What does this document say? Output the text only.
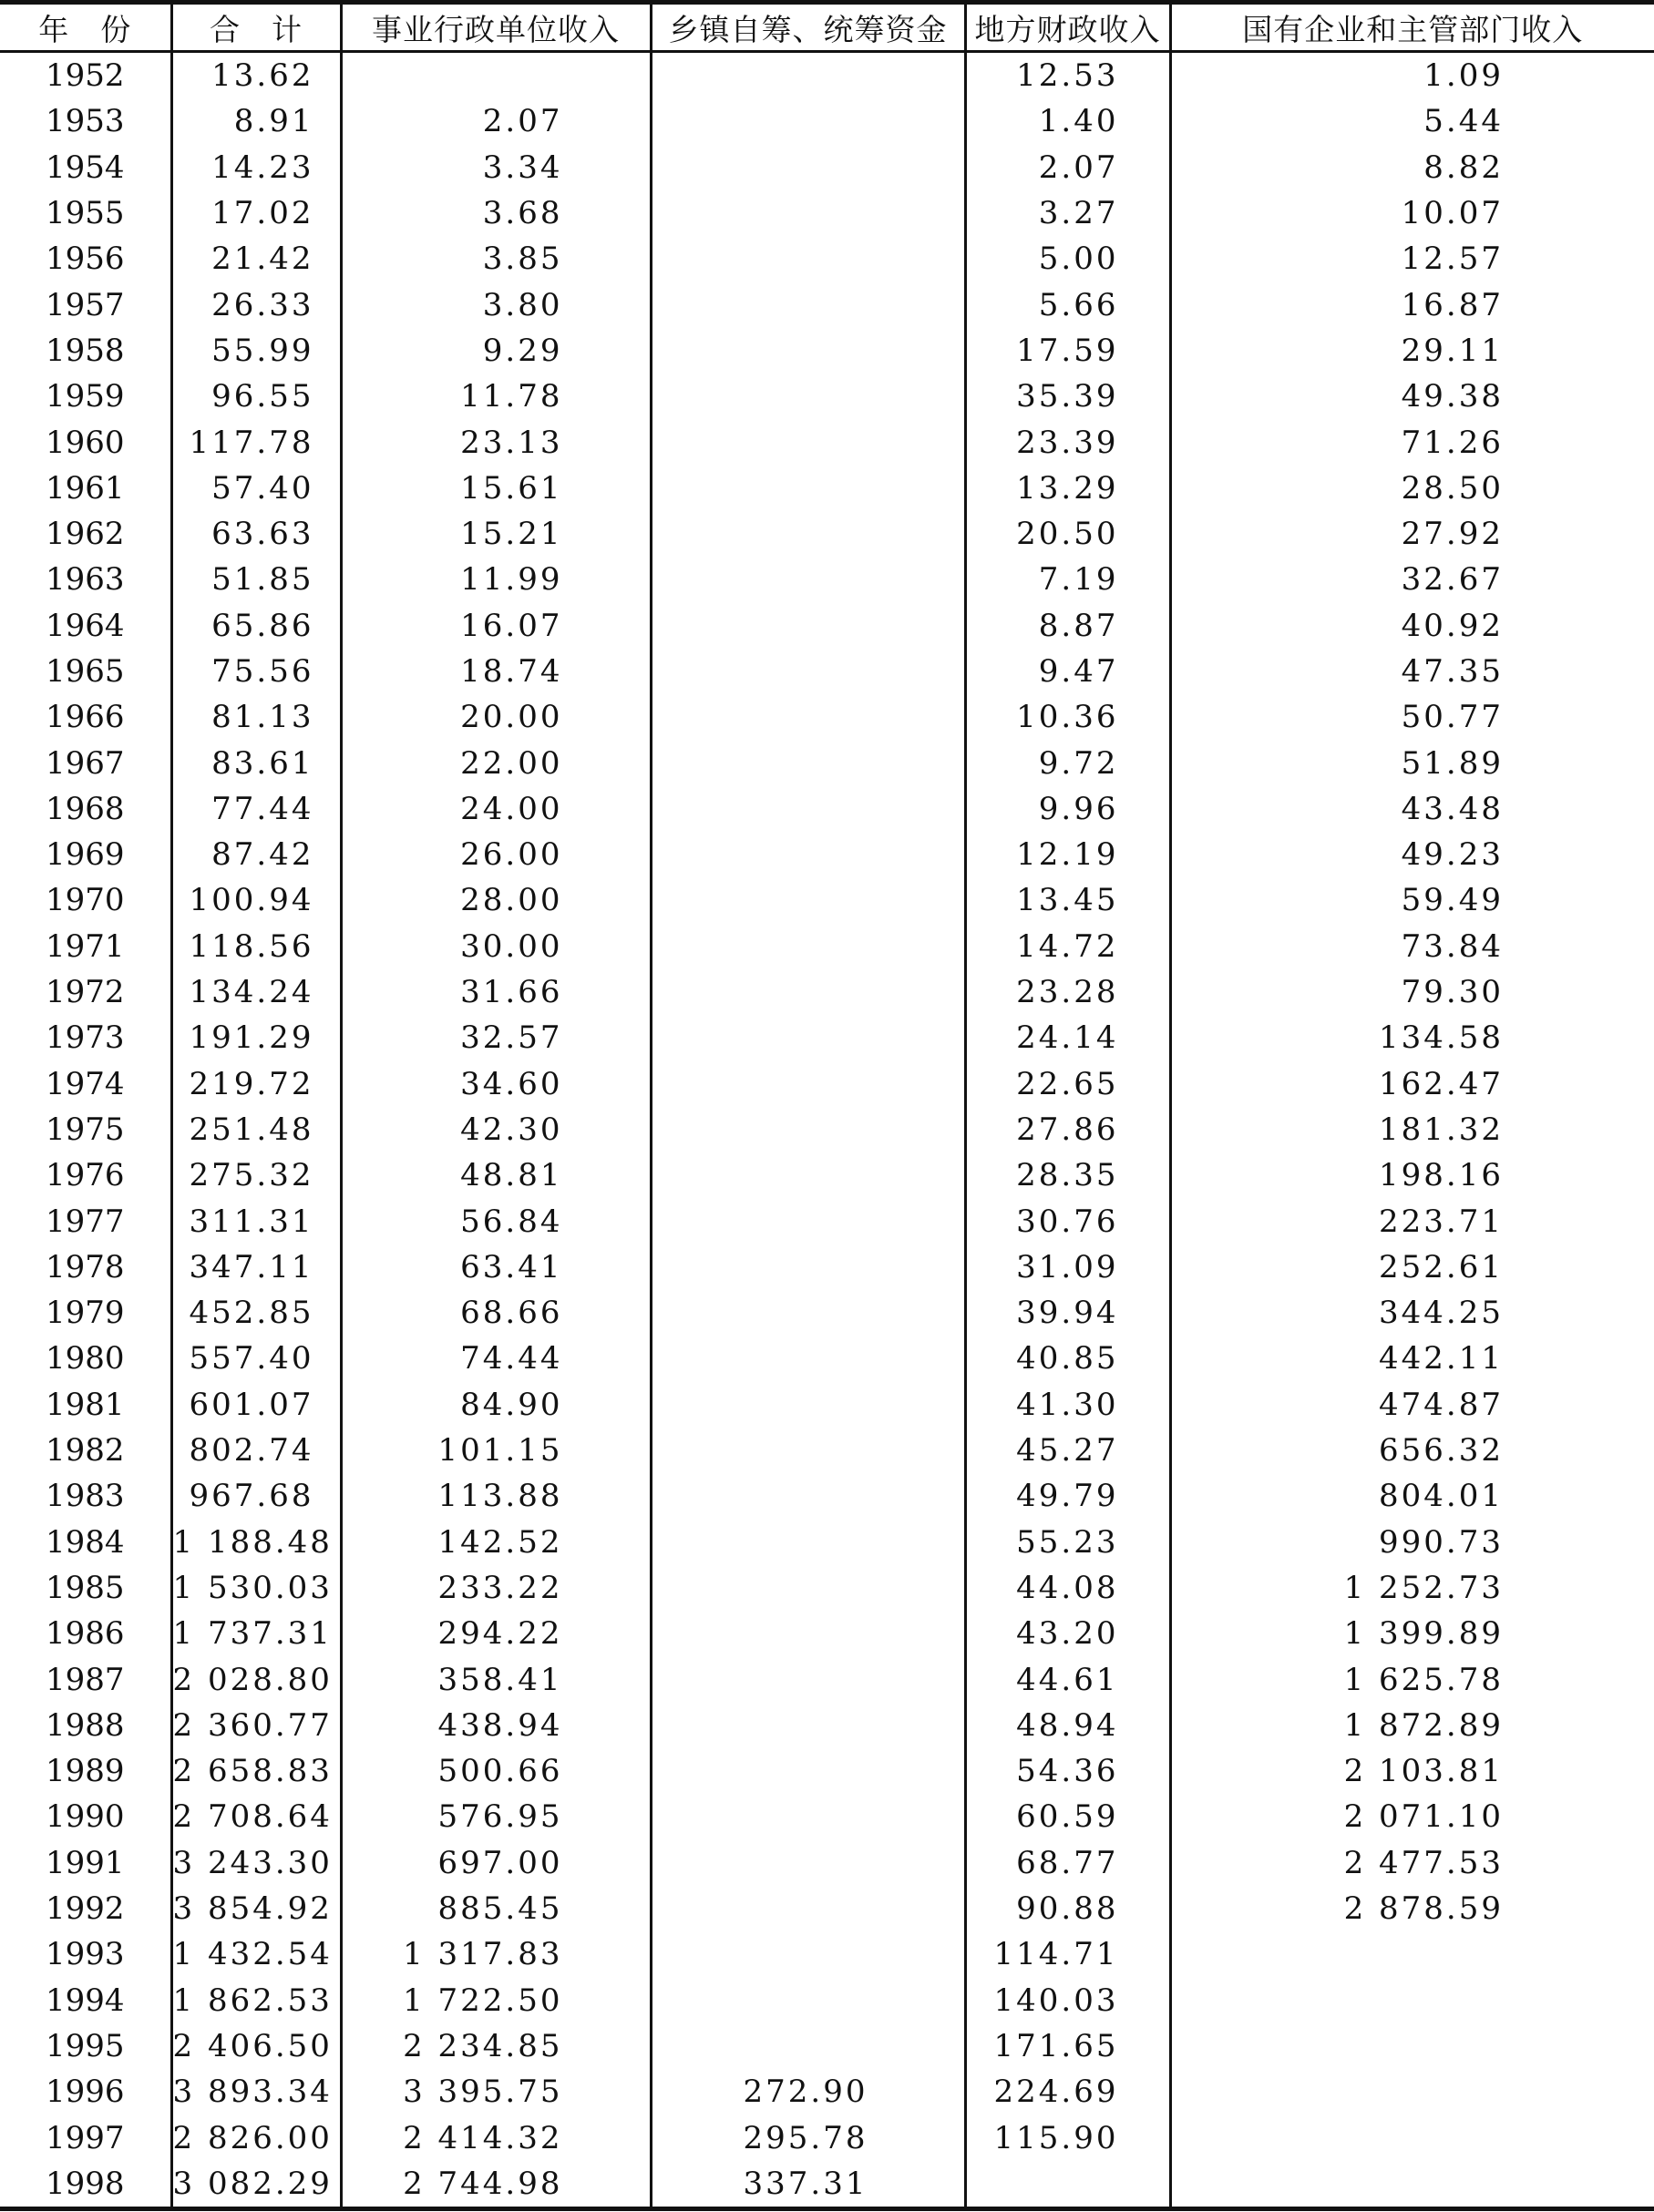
年　份	合　计	事业行政单位收入	乡镇自筹、统筹资金	地方财政收入	国有企业和主管部门收入
1952	13.62			12.53	1.09
1953	8.91	2.07		1.40	5.44
1954	14.23	3.34		2.07	8.82
1955	17.02	3.68		3.27	10.07
1956	21.42	3.85		5.00	12.57
1957	26.33	3.80		5.66	16.87
1958	55.99	9.29		17.59	29.11
1959	96.55	11.78		35.39	49.38
1960	117.78	23.13		23.39	71.26
1961	57.40	15.61		13.29	28.50
1962	63.63	15.21		20.50	27.92
1963	51.85	11.99		7.19	32.67
1964	65.86	16.07		8.87	40.92
1965	75.56	18.74		9.47	47.35
1966	81.13	20.00		10.36	50.77
1967	83.61	22.00		9.72	51.89
1968	77.44	24.00		9.96	43.48
1969	87.42	26.00		12.19	49.23
1970	100.94	28.00		13.45	59.49
1971	118.56	30.00		14.72	73.84
1972	134.24	31.66		23.28	79.30
1973	191.29	32.57		24.14	134.58
1974	219.72	34.60		22.65	162.47
1975	251.48	42.30		27.86	181.32
1976	275.32	48.81		28.35	198.16
1977	311.31	56.84		30.76	223.71
1978	347.11	63.41		31.09	252.61
1979	452.85	68.66		39.94	344.25
1980	557.40	74.44		40.85	442.11
1981	601.07	84.90		41.30	474.87
1982	802.74	101.15		45.27	656.32
1983	967.68	113.88		49.79	804.01
1984	1 188.48	142.52		55.23	990.73
1985	1 530.03	233.22		44.08	1 252.73
1986	1 737.31	294.22		43.20	1 399.89
1987	2 028.80	358.41		44.61	1 625.78
1988	2 360.77	438.94		48.94	1 872.89
1989	2 658.83	500.66		54.36	2 103.81
1990	2 708.64	576.95		60.59	2 071.10
1991	3 243.30	697.00		68.77	2 477.53
1992	3 854.92	885.45		90.88	2 878.59
1993	1 432.54	1 317.83		114.71	
1994	1 862.53	1 722.50		140.03	
1995	2 406.50	2 234.85		171.65	
1996	3 893.34	3 395.75	272.90	224.69	
1997	2 826.00	2 414.32	295.78	115.90	
1998	3 082.29	2 744.98	337.31		
